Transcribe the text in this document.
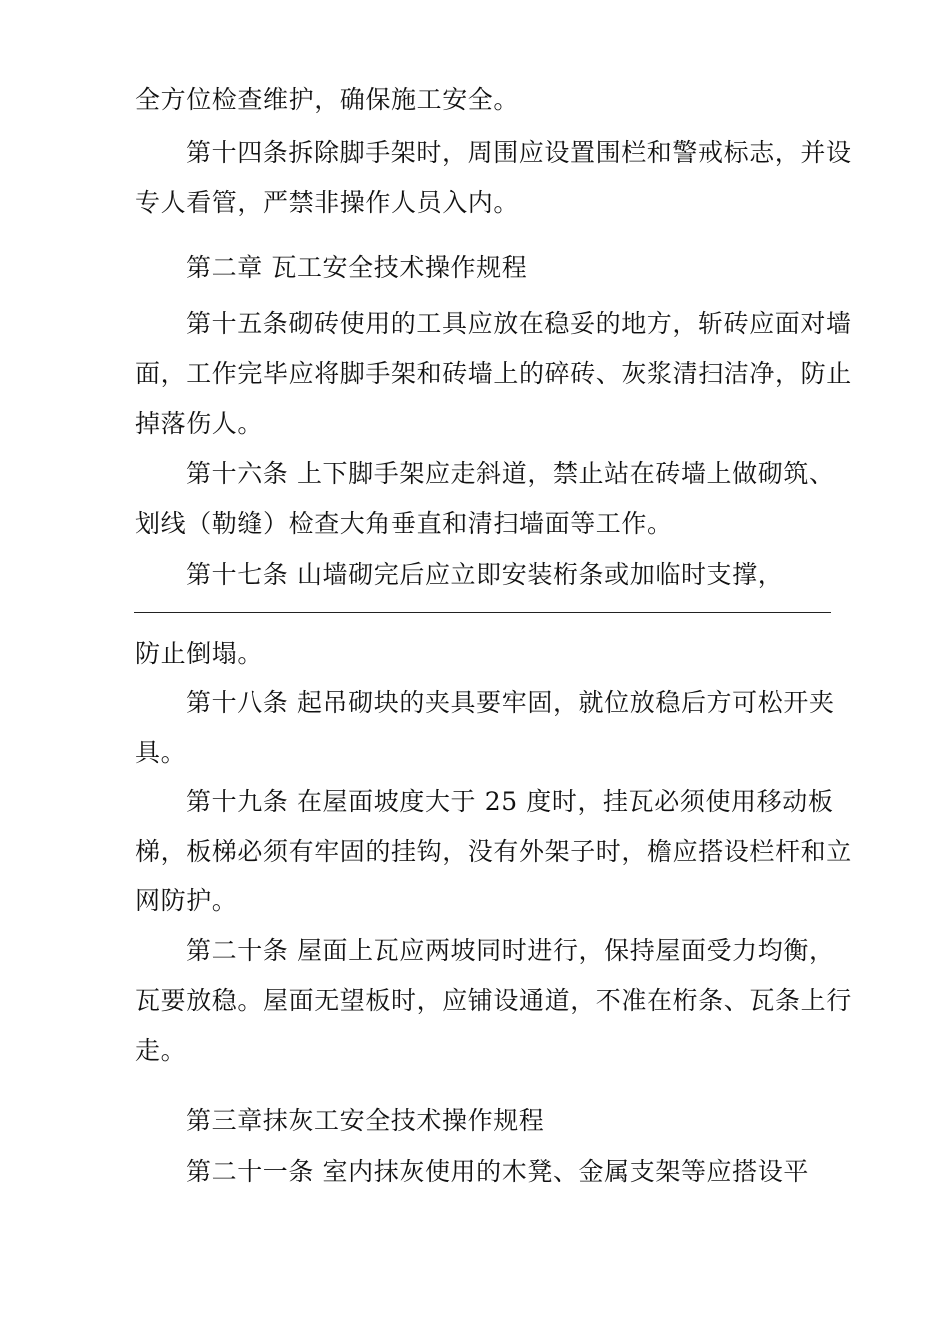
全方位检查维护，确保施工安全。
第十四条拆除脚手架时，周围应设置围栏和警戒标志，并设
专人看管，严禁非操作人员入内。
第二章 瓦工安全技术操作规程
第十五条砌砖使用的工具应放在稳妥的地方，斩砖应面对墙
面，工作完毕应将脚手架和砖墙上的碎砖、灰浆清扫洁净，防止
掉落伤人。
第十六条 上下脚手架应走斜道，禁止站在砖墙上做砌筑、
划线（勒缝）检查大角垂直和清扫墙面等工作。
第十七条 山墙砌完后应立即安装桁条或加临时支撑，
防止倒塌。
第十八条 起吊砌块的夹具要牢固，就位放稳后方可松开夹
具。
第十九条 在屋面坡度大于 25 度时，挂瓦必须使用移动板
梯，板梯必须有牢固的挂钩，没有外架子时，檐应搭设栏杆和立
网防护。
第二十条 屋面上瓦应两坡同时进行，保持屋面受力均衡，
瓦要放稳。屋面无望板时，应铺设通道，不准在桁条、瓦条上行
走。
第三章抹灰工安全技术操作规程
第二十一条 室内抹灰使用的木凳、金属支架等应搭设平
